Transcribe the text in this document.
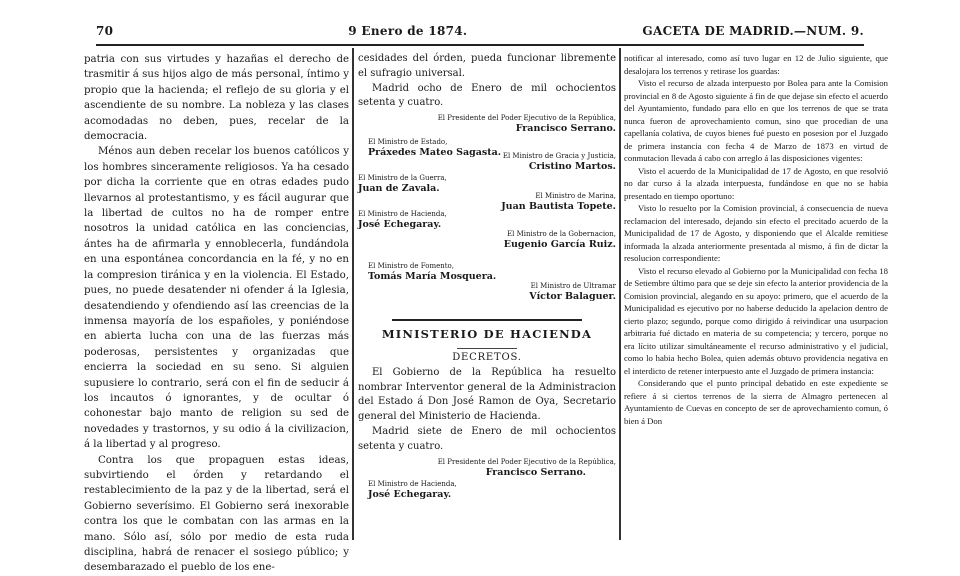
70	9 Enero de 1874.	GACETA DE MADRID.—NUM. 9.

patria con sus virtudes y hazañas el derecho de trasmitir á sus hijos algo de más personal, íntimo y propio que la hacienda; el reflejo de su gloria y el ascendiente de su nombre. La nobleza y las clases acomodadas no deben, pues, recelar de la democracia.

Ménos aun deben recelar los buenos católicos y los hombres sinceramente religiosos. Ya ha cesado por dicha la corriente que en otras edades pudo llevarnos al protestantismo, y es fácil augurar que la libertad de cultos no ha de romper entre nosotros la unidad católica en las conciencias, ántes ha de afirmarla y ennoblecerla, fundándola en una espontánea concordancia en la fé, y no en la compresion tiránica y en la violencia. El Estado, pues, no puede desatender ni ofender á la Iglesia, desatendiendo y ofendiendo así las creencias de la inmensa mayoría de los españoles, y poniéndose en abierta lucha con una de las fuerzas más poderosas, persistentes y organizadas que encierra la sociedad en su seno. Si alguien supusiere lo contrario, será con el fin de seducir á los incautos ó ignorantes, y de ocultar ó cohonestar bajo manto de religion su sed de novedades y trastornos, y su odio á la civilizacion, á la libertad y al progreso.

Contra los que propaguen estas ideas, subvirtiendo el órden y retardando el restablecimiento de la paz y de la libertad, será el Gobierno severísimo. El Gobierno será inexorable contra los que le combatan con las armas en la mano. Sólo así, sólo por medio de esta ruda disciplina, habrá de renacer el sosiego público; y desembarazado el pueblo de los ene-

cesidades del órden, pueda funcionar libremente el sufragio universal.

Madrid ocho de Enero de mil ochocientos setenta y cuatro.

El Presidente del Poder Ejecutivo de la República,
Francisco Serrano.
El Ministro de Estado,
Práxedes Mateo Sagasta. El Ministro de Gracia y Justicia,
Cristino Martos.
El Ministro de la Guerra,
Juan de Zavala.
El Ministro de Marina,
Juan Bautista Topete.
El Ministro de Hacienda,
José Echegaray.
El Ministro de la Gobernacion,
Eugenio García Ruiz.
El Ministro de Fomento,
Tomás María Mosquera.
El Ministro de Ultramar
Víctor Balaguer.
MINISTERIO DE HACIENDA
DECRETOS.

El Gobierno de la República ha resuelto nombrar Interventor general de la Administracion del Estado á Don José Ramon de Oya, Secretario general del Ministerio de Hacienda.

Madrid siete de Enero de mil ochocientos setenta y cuatro.

El Presidente del Poder Ejecutivo de la República,
Francisco Serrano.
El Ministro de Hacienda,
José Echegaray.

notificar al interesado, como así tuvo lugar en 12 de Julio siguiente, que desalojara los terrenos y retirase los guardas:

Visto el recurso de alzada interpuesto por Bolea para ante la Comision provincial en 8 de Agosto siguiente á fin de que dejase sin efecto el acuerdo del Ayuntamiento, fundado para ello en que los terrenos de que se trata nunca fueron de aprovechamiento comun, sino que procedian de una capellanía colativa, de cuyos bienes fué puesto en posesion por el Juzgado de primera instancia con fecha 4 de Marzo de 1873 en virtud de conmutacion llevada á cabo con arreglo á las disposiciones vigentes:

Visto el acuerdo de la Municipalidad de 17 de Agosto, en que resolvió no dar curso á la alzada interpuesta, fundándose en que no se habia presentado en tiempo oportuno:

Visto lo resuelto por la Comision provincial, á consecuencia de nueva reclamacion del interesado, dejando sin efecto el precitado acuerdo de la Municipalidad de 17 de Agosto, y disponiendo que el Alcalde remitiese informada la alzada anteriormente presentada al mismo, á fin de dictar la resolucion correspondiente:

Visto el recurso elevado al Gobierno por la Municipalidad con fecha 18 de Setiembre último para que se deje sin efecto la anterior providencia de la Comision provincial, alegando en su apoyo: primero, que el acuerdo de la Municipalidad es ejecutivo por no haberse deducido la apelacion dentro de cierto plazo; segundo, porque como dirigido á reivindicar una usurpacion arbitraria fué dictado en materia de su competencia; y tercero, porque no era lícito utilizar simultáneamente el recurso administrativo y el judicial, como lo habia hecho Bolea, quien además obtuvo providencia negativa en el interdicto de retener interpuesto ante el Juzgado de primera instancia:

Considerando que el punto principal debatido en este expediente se refiere á si ciertos terrenos de la sierra de Almagro pertenecen al Ayuntamiento de Cuevas en concepto de ser de aprovechamiento comun, ó bien á Don
